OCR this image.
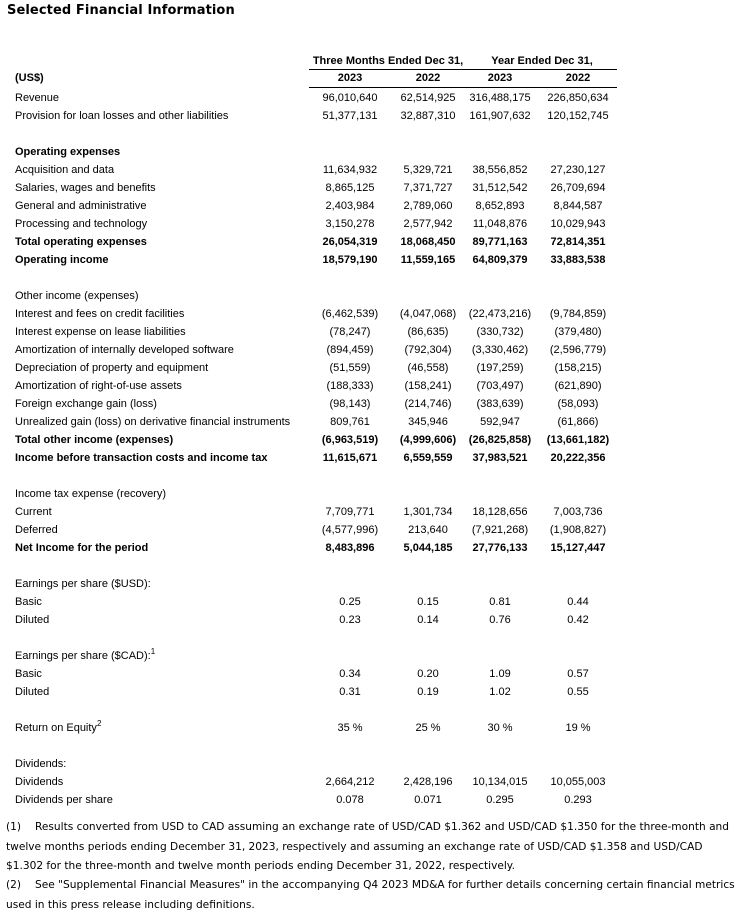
Selected Financial Information
Three Months Ended Dec 31,	Year Ended Dec 31,
(US$)	2023	2022	2023	2022
Revenue	96,010,640	62,514,925	316,488,175	226,850,634
Provision for loan losses and other liabilities	51,377,131	32,887,310	161,907,632	120,152,745
Operating expenses
Acquisition and data	11,634,932	5,329,721	38,556,852	27,230,127
Salaries, wages and benefits	8,865,125	7,371,727	31,512,542	26,709,694
General and administrative	2,403,984	2,789,060	8,652,893	8,844,587
Processing and technology	3,150,278	2,577,942	11,048,876	10,029,943
Total operating expenses	26,054,319	18,068,450	89,771,163	72,814,351
Operating income	18,579,190	11,559,165	64,809,379	33,883,538
Other income (expenses)
Interest and fees on credit facilities	(6,462,539)	(4,047,068)	(22,473,216)	(9,784,859)
Interest expense on lease liabilities	(78,247)	(86,635)	(330,732)	(379,480)
Amortization of internally developed software	(894,459)	(792,304)	(3,330,462)	(2,596,779)
Depreciation of property and equipment	(51,559)	(46,558)	(197,259)	(158,215)
Amortization of right-of-use assets	(188,333)	(158,241)	(703,497)	(621,890)
Foreign exchange gain (loss)	(98,143)	(214,746)	(383,639)	(58,093)
Unrealized gain (loss) on derivative financial instruments	809,761	345,946	592,947	(61,866)
Total other income (expenses)	(6,963,519)	(4,999,606)	(26,825,858)	(13,661,182)
Income before transaction costs and income tax	11,615,671	6,559,559	37,983,521	20,222,356
Income tax expense (recovery)
Current	7,709,771	1,301,734	18,128,656	7,003,736
Deferred	(4,577,996)	213,640	(7,921,268)	(1,908,827)
Net Income for the period	8,483,896	5,044,185	27,776,133	15,127,447
Earnings per share ($USD):
Basic	0.25	0.15	0.81	0.44
Diluted	0.23	0.14	0.76	0.42
Earnings per share ($CAD):$^1$
Basic	0.34	0.20	1.09	0.57
Diluted	0.31	0.19	1.02	0.55
Return on Equity$^2$	35 %	25 %	30 %	19 %
Dividends:
Dividends	2,664,212	2,428,196	10,134,015	10,055,003
Dividends per share	0.078	0.071	0.295	0.293
(1) Results converted from USD to CAD assuming an exchange rate of USD/CAD $1.362 and USD/CAD $1.350 for the three-month and twelve months periods ending December 31, 2023, respectively and assuming an exchange rate of USD/CAD $1.358 and USD/CAD $1.302 for the three-month and twelve month periods ending December 31, 2022, respectively.
(2) See "Supplemental Financial Measures" in the accompanying Q4 2023 MD&A for further details concerning certain financial metrics used in this press release including definitions.
